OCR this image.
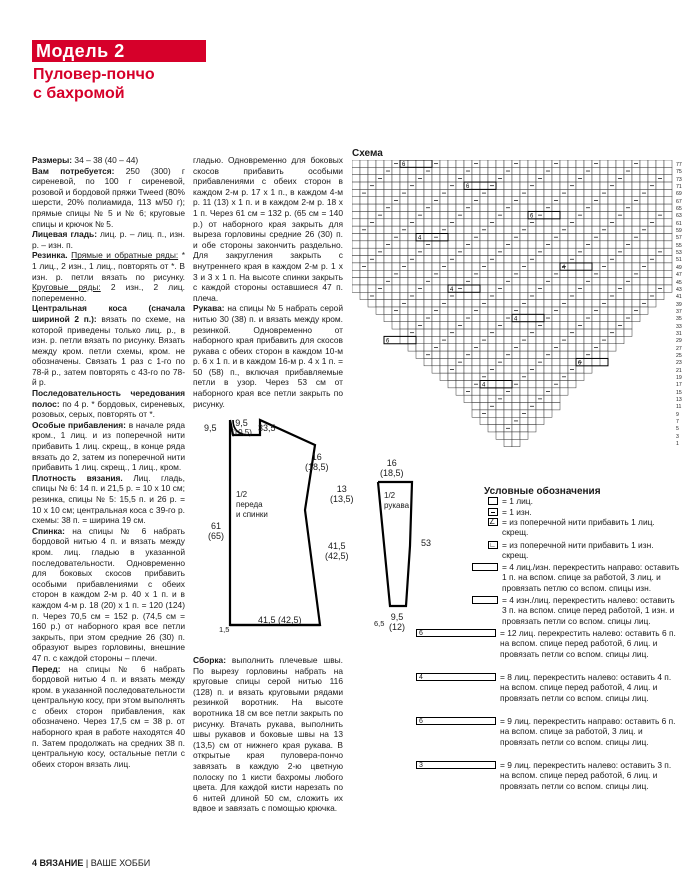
Модель 2
Пуловер-пончо
с бахромой

Размеры: 34 – 38 (40 – 44)

Вам потребуется: 250 (300) г сиреневой, по 100 г сиреневой, розовой и бордовой пряжи Tweed (80% шерсти, 20% полиамида, 113 м/50 г); прямые спицы № 5 и № 6; круговые спицы и крючок № 5.

Лицевая гладь: лиц. р. – лиц. п., изн. р. – изн. п.

Резинка. Прямые и обратные ряды: * 1 лиц., 2 изн., 1 лиц., повторять от *. В изн. р. петли вязать по рисунку. Круговые ряды: 2 изн., 2 лиц. попеременно.

Центральная коса (сначала шириной 2 п.): вязать по схеме, на которой приведены только лиц. р., в изн. р. петли вязать по рисунку. Вязать между кром. петли схемы, кром. не обозначены. Связать 1 раз с 1-го по 78-й р., затем повторять с 43-го по 78-й р.

Последовательность чередования полос: по 4 р. * бордовых, сиреневых, розовых, серых, повторять от *.

Особые прибавления: в начале ряда кром., 1 лиц. и из поперечной нити прибавить 1 лиц. скрещ., в конце ряда вязать до 2, затем из поперечной нити прибавить 1 лиц. скрещ., 1 лиц., кром.

Плотность вязания. Лиц. гладь, спицы № 6: 14 п. и 21,5 р. = 10 х 10 см; резинка, спицы № 5: 15,5 п. и 26 р. = 10 х 10 см; центральная коса с 39-го р. схемы: 38 п. = ширина 19 см.

Спинка: на спицы № 6 набрать бордовой нитью 4 п. и вязать между кром. лиц. гладью в указанной последовательности. Одновременно для боковых скосов прибавить особыми прибавлениями с обеих сторон в каждом 2-м р. 40 х 1 п. и в каждом 4-м р. 18 (20) х 1 п. = 120 (124) п. Через 70,5 см = 152 р. (74,5 см = 160 р.) от наборного края все петли закрыть, при этом средние 26 (30) п. образуют вырез горловины, внешние 47 п. с каждой стороны – плечи.

Перед: на спицы № 6 набрать бордовой нитью 4 п. и вязать между кром. в указанной последовательности центральную косу, при этом выполнять с обеих сторон прибавления, как обозначено. Через 17,5 см = 38 р. от наборного края в работе находятся 40 п. Затем продолжать на средних 38 п. центральную косу, остальные петли с обеих сторон вязать лиц.

гладью. Одновременно для боковых скосов прибавить особыми прибавлениями с обеих сторон в каждом 2-м р. 17 х 1 п., в каждом 4-м р. 11 (13) х 1 п. и в каждом 2-м р. 18 х 1 п. Через 61 см = 132 р. (65 см = 140 р.) от наборного края закрыть для выреза горловины средние 26 (30) п. и обе стороны закончить раздельно. Для закругления закрыть с внутреннего края в каждом 2-м р. 1 х 3 и 3 х 1 п. На высоте спинки закрыть с каждой стороны оставшиеся 47 п. плеча.

Рукава: на спицы № 5 набрать серой нитью 30 (38) п. и вязать между кром. резинкой. Одновременно от наборного края прибавить для скосов рукава с обеих сторон в каждом 10-м р. 6 х 1 п. и в каждом 16-м р. 4 х 1 п. = 50 (58) п., включая прибавляемые петли в узор. Через 53 см от наборного края все петли закрыть по рисунку.

Сборка: выполнить плечевые швы. По вырезу горловины набрать на круговые спицы серой нитью 116 (128) п. и вязать круговыми рядами резинкой воротник. На высоте воротника 18 см все петли закрыть по рисунку. Втачать рукава, выполнить швы рукавов и боковые швы на 13 (13,5) см от нижнего края рукава. В открытые края пуловера-пончо завязать в каждую 2-ю цветную полоску по 1 кисти бахромы любого цвета. Для каждой кисти нарезать по 6 нитей длиной 50 см, сложить их вдвое и завязать с помощью крючка.

9,5
(10,5) 33,5
9,5
16
(18,5)
13
(13,5)
61
(65)
41,5
(42,5)
1/2
переда
и спинки
41,5 (42,5)
1,5
16
(18,5)
1/2
рукава
53
6,5
9,5
(12)
Схема
6
6
6
4
4
4
4
6
6
4
77
75
73
71
69
67
65
63
61
59
57
55
53
51
49
47
45
43
41
39
37
35
33
31
29
27
25
23
21
19
17
15
13
11
9
7
5
3
1
Условные обозначения
= 1 лиц.
= 1 изн.
∠ = из поперечной нити прибавить 1 лиц. скрещ.
∟ = из поперечной нити прибавить 1 изн. скрещ.
= 4 лиц./изн. перекрестить направо: оставить 1 п. на вспом. спице за работой, 3 лиц. и провязать петлю со вспом. спицы изн.
= 4 изн./лиц. перекрестить налево: оставить 3 п. на вспом. спице перед работой, 1 изн. и провязать петли со вспом. спицы лиц.
6	= 12 лиц. перекрестить налево: оставить 6 п. на вспом. спице перед работой, 6 лиц. и провязать петли со вспом. спицы лиц.
4	= 8 лиц. перекрестить налево: оставить 4 п. на вспом. спице перед работой, 4 лиц. и провязать петли со вспом. спицы лиц.
6	= 9 лиц. перекрестить направо: оставить 6 п. на вспом. спице за работой, 3 лиц. и провязать петли со вспом. спицы лиц.
3	= 9 лиц. перекрестить налево: оставить 3 п. на вспом. спице перед работой, 6 лиц. и провязать петли со вспом. спицы лиц.
4 ВЯЗАНИЕ | ВАШЕ ХОББИ
